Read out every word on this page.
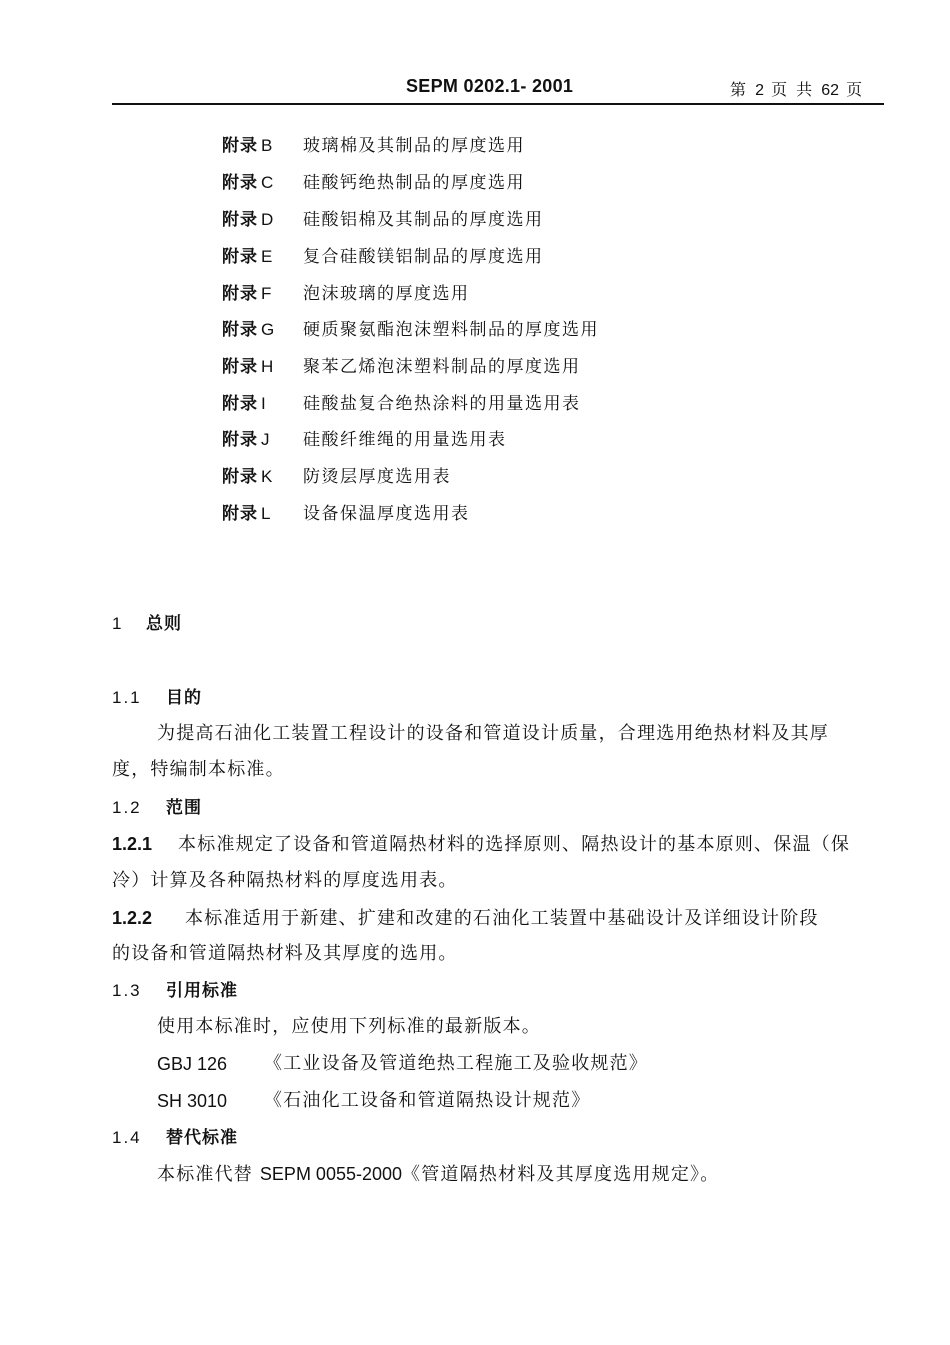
SEPM 0202.1- 2001	第 2 页 共 62 页
附录 B 玻璃棉及其制品的厚度选用
附录 C 硅酸钙绝热制品的厚度选用
附录 D 硅酸铝棉及其制品的厚度选用
附录 E 复合硅酸镁铝制品的厚度选用
附录 F 泡沫玻璃的厚度选用
附录 G 硬质聚氨酯泡沫塑料制品的厚度选用
附录 H 聚苯乙烯泡沫塑料制品的厚度选用
附录 I 硅酸盐复合绝热涂料的用量选用表
附录 J 硅酸纤维绳的用量选用表
附录 K 防烫层厚度选用表
附录 L 设备保温厚度选用表
1 总则
1.1 目的
为提高石油化工装置工程设计的设备和管道设计质量，合理选用绝热材料及其厚
度，特编制本标准。
1.2 范围
1.2.1 本标准规定了设备和管道隔热材料的选择原则、隔热设计的基本原则、保温（保
冷）计算及各种隔热材料的厚度选用表。
1.2.2 本标准适用于新建、扩建和改建的石油化工装置中基础设计及详细设计阶段
的设备和管道隔热材料及其厚度的选用。
1.3 引用标准
使用本标准时，应使用下列标准的最新版本。
GBJ 126 《工业设备及管道绝热工程施工及验收规范》
SH 3010 《石油化工设备和管道隔热设计规范》
1.4 替代标准
本标准代替 SEPM 0055-2000《管道隔热材料及其厚度选用规定》。
